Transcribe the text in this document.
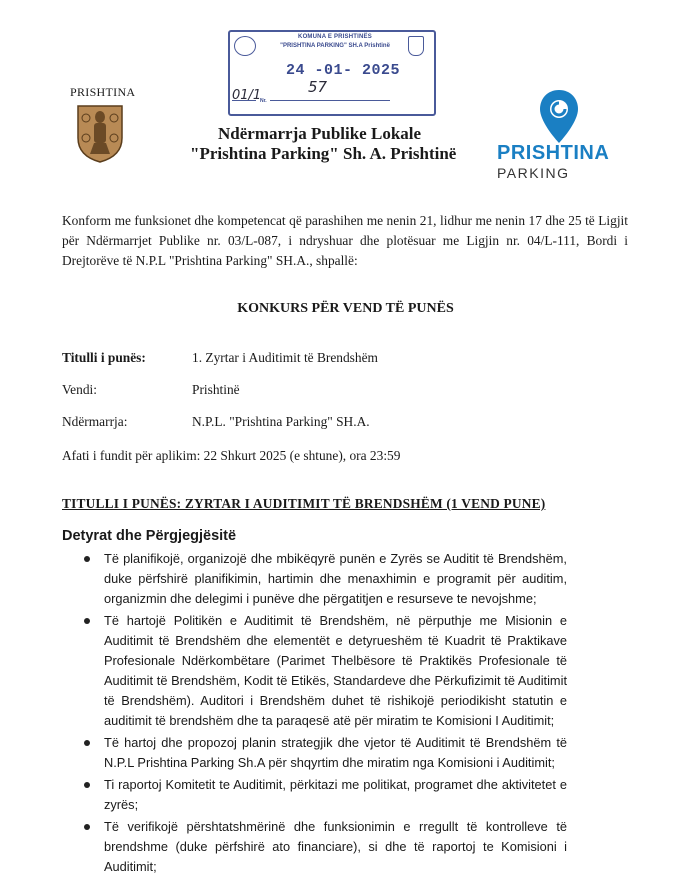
KOMUNA E PRISHTINËS
"PRISHTINA PARKING" SH.A Prishtinë
24 -01- 2025
Nr.
01/1	57
PRISHTINA
Ndërmarrja Publike Lokale
"Prishtina Parking" Sh. A. Prishtinë PRISHTINA
PARKING
Konform me funksionet dhe kompetencat që parashihen me nenin 21, lidhur me nenin 17 dhe 25 të Ligjit për Ndërmarrjet Publike nr. 03/L-087, i ndryshuar dhe plotësuar me Ligjin nr. 04/L-111, Bordi i Drejtorëve të N.P.L "Prishtina Parking" SH.A., shpallë:
KONKURS PËR VEND TË PUNËS
Titulli i punës:	1. Zyrtar i Auditimit të Brendshëm
Vendi:	Prishtinë
Ndërmarrja:	N.P.L. "Prishtina Parking" SH.A.
Afati i fundit për aplikim: 22 Shkurt 2025 (e shtune), ora 23:59
TITULLI I PUNËS: ZYRTAR I AUDITIMIT TË BRENDSHËM (1 VEND PUNE)
Detyrat dhe Përgjegjësitë
Të planifikojë, organizojë dhe mbikëqyrë punën e Zyrës se Auditit të Brendshëm, duke përfshirë planifikimin, hartimin dhe menaxhimin e programit për auditim, organizmin dhe delegimi i punëve dhe përgatitjen e resurseve te nevojshme;
Të hartojë Politikën e Auditimit të Brendshëm, në përputhje me Misionin e Auditimit të Brendshëm dhe elementët e detyrueshëm të Kuadrit të Praktikave Profesionale Ndërkombëtare (Parimet Thelbësore të Praktikës Profesionale të Auditimit të Brendshëm, Kodit të Etikës, Standardeve dhe Përkufizimit të Auditimit të Brendshëm). Auditori i Brendshëm duhet të rishikojë periodikisht statutin e auditimit të brendshëm dhe ta paraqesë atë për miratim te Komisioni I Auditimit;
Të hartoj dhe propozoj planin strategjik dhe vjetor të Auditimit të Brendshëm të N.P.L Prishtina Parking Sh.A për shqyrtim dhe miratim nga Komisioni i Auditimit;
Ti raportoj Komitetit te Auditimit, përkitazi me politikat, programet dhe aktivitetet e zyrës;
Të verifikojë përshtatshmërinë dhe funksionimin e rregullt të kontrolleve të brendshme (duke përfshirë ato financiare), si dhe të raportoj te Komisioni i Auditimit;
